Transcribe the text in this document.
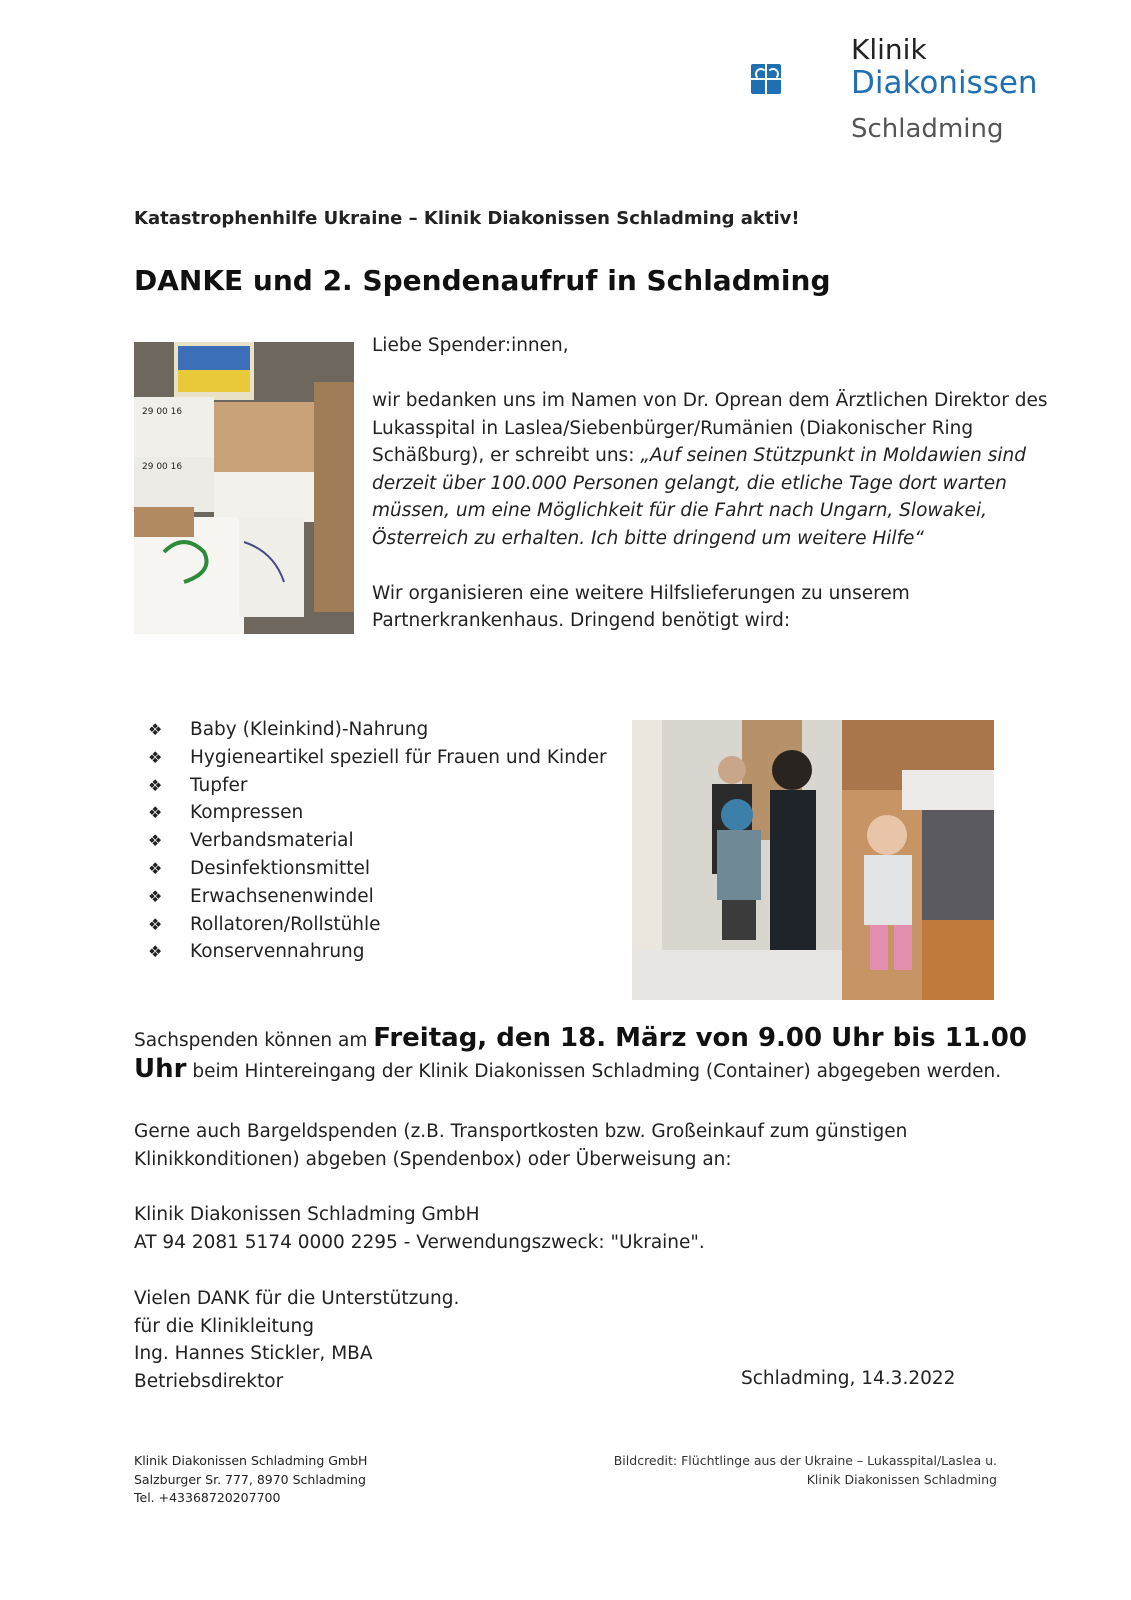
Klinik
Diakonissen
Schladming
Katastrophenhilfe Ukraine – Klinik Diakonissen Schladming aktiv!
DANKE und 2. Spendenaufruf in Schladming
29 00 16
29 00 16

Liebe Spender:innen,

wir bedanken uns im Namen von Dr. Oprean dem Ärztlichen Direktor des Lukasspital in Laslea/Siebenbürger/Rumänien (Diakonischer Ring Schäßburg), er schreibt uns: „Auf seinen Stützpunkt in Moldawien sind derzeit über 100.000 Personen gelangt, die etliche Tage dort warten müssen, um eine Möglichkeit für die Fahrt nach Ungarn, Slowakei, Österreich zu erhalten. Ich bitte dringend um weitere Hilfe“

Wir organisieren eine weitere Hilfslieferungen zu unserem Partnerkrankenhaus. Dringend benötigt wird:

❖	Baby (Kleinkind)-Nahrung
❖	Hygieneartikel speziell für Frauen und Kinder
❖	Tupfer
❖	Kompressen
❖	Verbandsmaterial
❖	Desinfektionsmittel
❖	Erwachsenenwindel
❖	Rollatoren/Rollstühle
❖	Konservennahrung
Sachspenden können am Freitag, den 18. März von 9.00 Uhr bis 11.00 Uhr beim Hintereingang der Klinik Diakonissen Schladming (Container) abgegeben werden.
Gerne auch Bargeldspenden (z.B. Transportkosten bzw. Großeinkauf zum günstigen Klinikkonditionen) abgeben (Spendenbox) oder Überweisung an:
Klinik Diakonissen Schladming GmbH
AT 94 2081 5174 0000 2295 - Verwendungszweck: "Ukraine".
Vielen DANK für die Unterstützung.
für die Klinikleitung
Ing. Hannes Stickler, MBA
Betriebsdirektor	Schladming, 14.3.2022
Klinik Diakonissen Schladming GmbH
Salzburger Sr. 777, 8970 Schladming
Tel. +43368720207700
Bildcredit: Flüchtlinge aus der Ukraine – Lukasspital/Laslea u.
Klinik Diakonissen Schladming
